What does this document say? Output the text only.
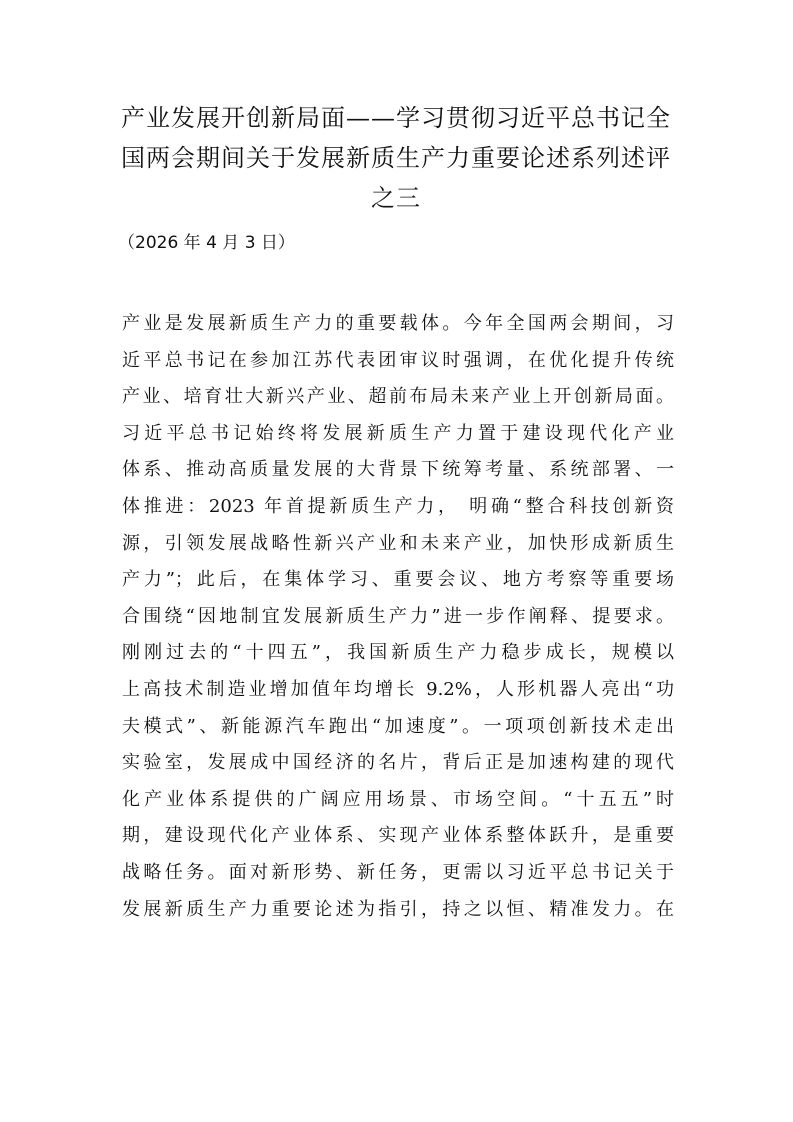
产业发展开创新局面——学习贯彻习近平总书记全
国两会期间关于发展新质生产力重要论述系列述评
之三
（2026 年 4 月 3 日）
产业是发展新质生产力的重要载体。今年全国两会期间，习
近平总书记在参加江苏代表团审议时强调，在优化提升传统
产业、培育壮大新兴产业、超前布局未来产业上开创新局面。
习近平总书记始终将发展新质生产力置于建设现代化产业
体系、推动高质量发展的大背景下统筹考量、系统部署、一
体推进：2023 年首提新质生产力， 明确“整合科技创新资
源，引领发展战略性新兴产业和未来产业，加快形成新质生
产力”；此后，在集体学习、重要会议、地方考察等重要场
合围绕“因地制宜发展新质生产力”进一步作阐释、提要求。
刚刚过去的“十四五”，我国新质生产力稳步成长，规模以
上高技术制造业增加值年均增长 9.2%，人形机器人亮出“功
夫模式”、新能源汽车跑出“加速度”。一项项创新技术走出
实验室，发展成中国经济的名片，背后正是加速构建的现代
化产业体系提供的广阔应用场景、市场空间。“十五五”时
期，建设现代化产业体系、实现产业体系整体跃升，是重要
战略任务。面对新形势、新任务，更需以习近平总书记关于
发展新质生产力重要论述为指引，持之以恒、精准发力。在
